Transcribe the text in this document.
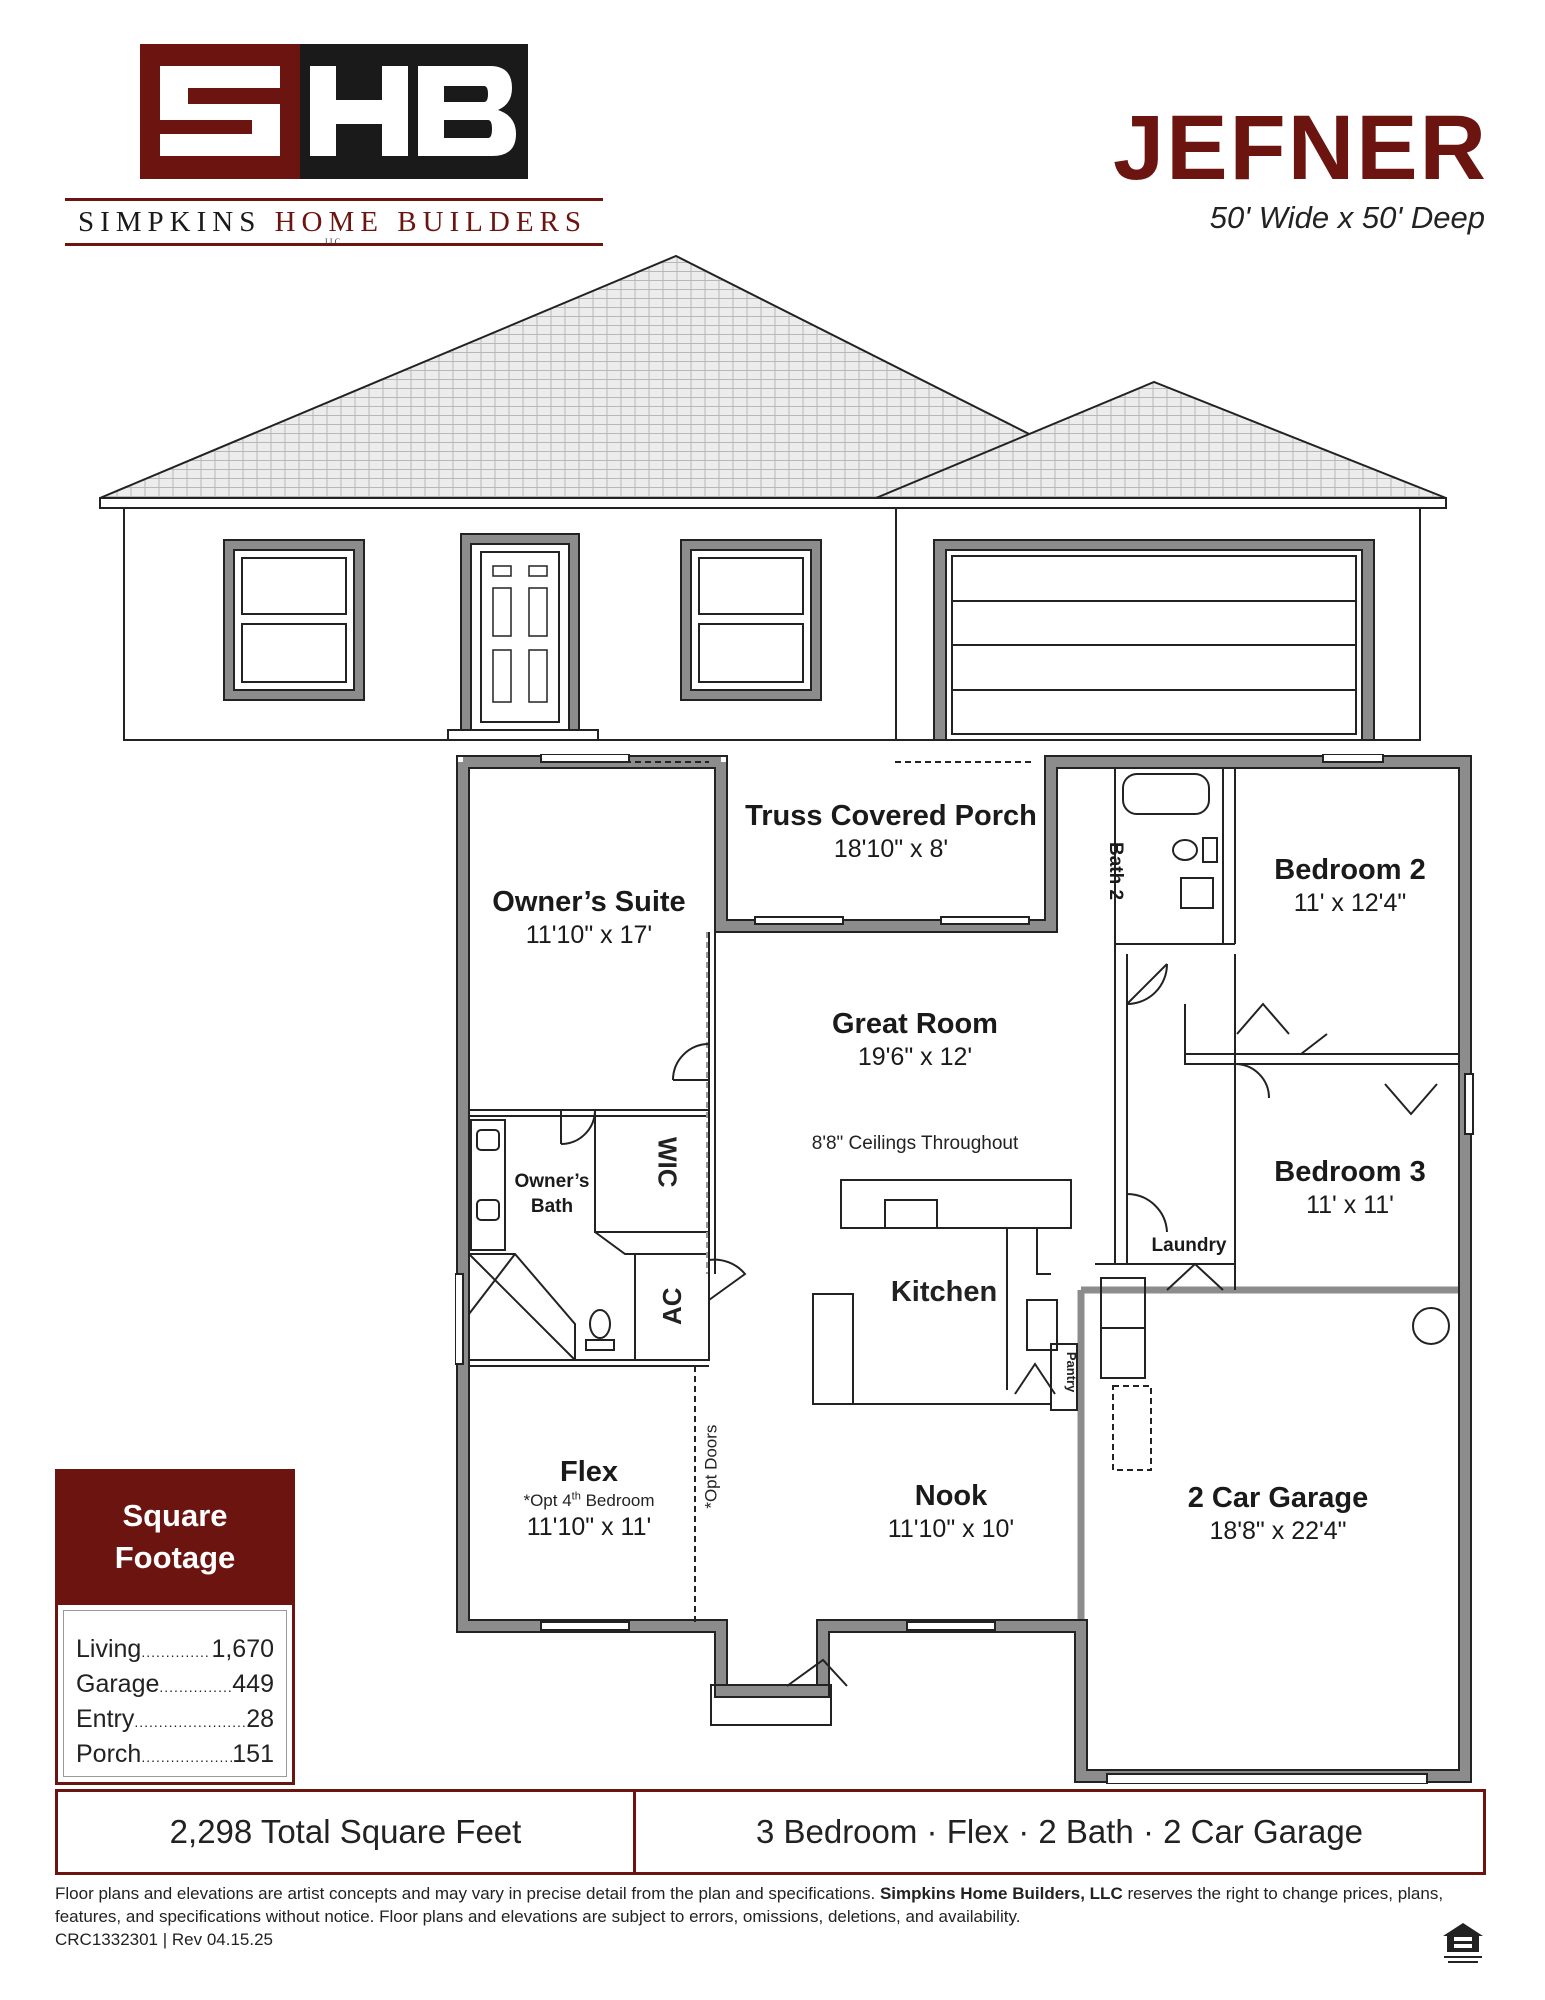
SIMPKINS HOME BUILDERS
LLC
JEFNER
50' Wide x 50' Deep
Truss Covered Porch
18'10" x 8'
Owner’s Suite
11'10" x 17'
Great Room
19'6" x 12'
8'8" Ceilings Throughout
Bedroom 2
11' x 12'4"
Bath 2
Bedroom 3
11' x 11'
Owner’s
Bath
WIC
AC	Kitchen
Laundry
Pantry
Flex
*Opt 4th Bedroom
11'10" x 11'
*Opt Doors	Nook
11'10" x 10'
2 Car Garage
18'8" x 22'4"
Square
Footage
Living .....	1,670
Garage .....	449
Entry .....	28
Porch .....	151
2,298 Total Square Feet	3 Bedroom · Flex · 2 Bath · 2 Car Garage
Floor plans and elevations are artist concepts and may vary in precise detail from the plan and specifications. Simpkins Home Builders, LLC reserves the right to change prices, plans, features, and specifications without notice. Floor plans and elevations are subject to errors, omissions, deletions, and availability.
CRC1332301 | Rev 04.15.25
